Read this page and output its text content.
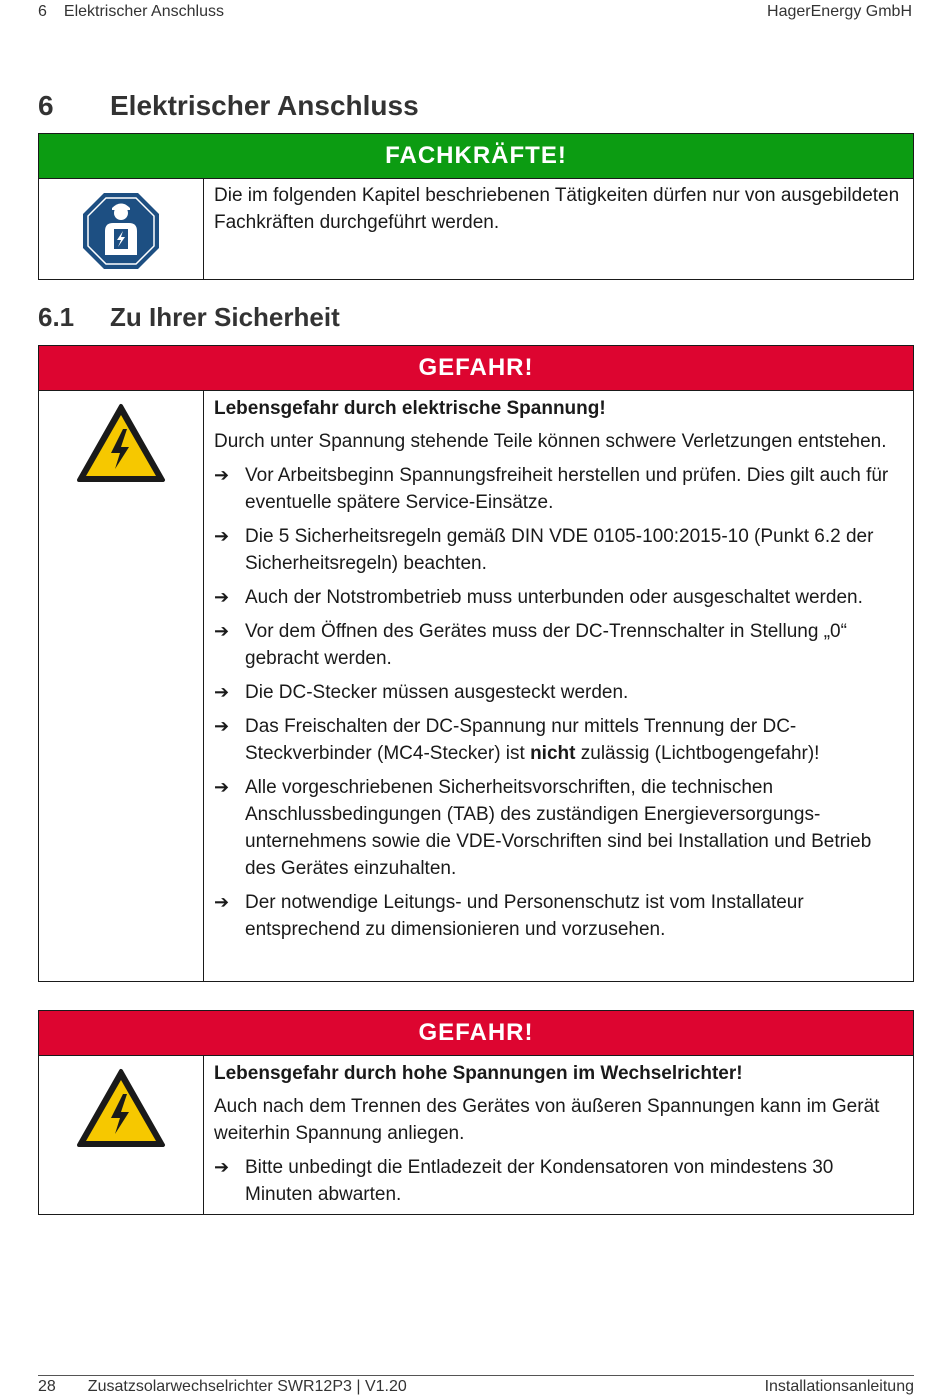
6 Elektrischer Anschluss	HagerEnergy GmbH
6	Elektrischer Anschluss
FACHKRÄFTE!

Die im folgenden Kapitel beschriebenen Tätigkeiten dürfen nur von ausgebildeten Fachkräften durchgeführt werden.

6.1	Zu Ihrer Sicherheit
GEFAHR!

Lebensgefahr durch elektrische Spannung!

Durch unter Spannung stehende Teile können schwere Verletzungen entstehen.

➔ Vor Arbeitsbeginn Spannungsfreiheit herstellen und prüfen. Dies gilt auch für eventuelle spätere Service-Einsätze.
➔ Die 5 Sicherheitsregeln gemäß DIN VDE 0105-100:2015-10 (Punkt 6.2 der Sicherheitsregeln) beachten.
➔ Auch der Notstrombetrieb muss unterbunden oder ausgeschaltet werden.
➔ Vor dem Öffnen des Gerätes muss der DC-Trennschalter in Stellung „0“ gebracht werden.
➔ Die DC-Stecker müssen ausgesteckt werden.
➔ Das Freischalten der DC-Spannung nur mittels Trennung der DC-Steckverbinder (MC4-Stecker) ist nicht zulässig (Lichtbogengefahr)!
➔ Alle vorgeschriebenen Sicherheitsvorschriften, die technischen Anschlussbedingungen (TAB) des zuständigen Energieversorgungs-unternehmens sowie die VDE-Vorschriften sind bei Installation und Betrieb des Gerätes einzuhalten.
➔ Der notwendige Leitungs- und Personenschutz ist vom Installateur entsprechend zu dimensionieren und vorzusehen.
GEFAHR!

Lebensgefahr durch hohe Spannungen im Wechselrichter!

Auch nach dem Trennen des Gerätes von äußeren Spannungen kann im Gerät weiterhin Spannung anliegen.

➔ Bitte unbedingt die Entladezeit der Kondensatoren von mindestens 30 Minuten abwarten.
28 Zusatzsolarwechselrichter SWR12P3 | V1.20	Installationsanleitung
